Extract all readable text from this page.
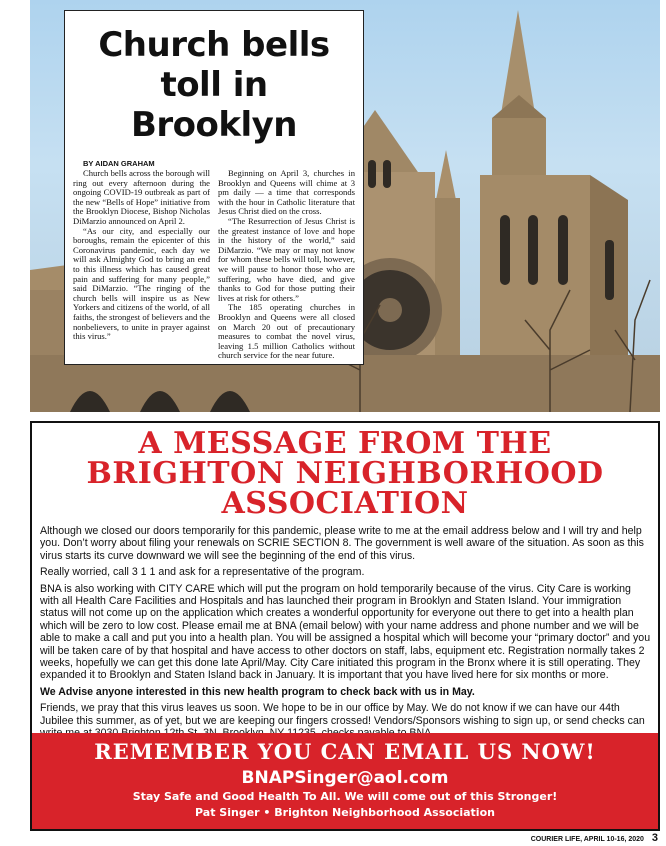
Church bells toll in Brooklyn
BY AIDAN GRAHAM

Church bells across the borough will ring out every afternoon during the ongoing COVID-19 outbreak as part of the new “Bells of Hope” initiative from the Brooklyn Diocese, Bishop Nicholas DiMarzio announced on April 2.

“As our city, and especially our boroughs, remain the epicenter of this Coronavirus pandemic, each day we will ask Almighty God to bring an end to this illness which has caused great pain and suffering for many people,” said DiMarzio. “The ringing of the church bells will inspire us as New Yorkers and citizens of the world, of all faiths, the strongest of believers and the nonbelievers, to unite in prayer against this virus.”

Beginning on April 3, churches in Brooklyn and Queens will chime at 3 pm daily — a time that corresponds with the hour in Catholic literature that Jesus Christ died on the cross.

“The Resurrection of Jesus Christ is the greatest instance of love and hope in the history of the world,” said DiMarzio. “We may or may not know for whom these bells will toll, however, we will pause to honor those who are suffering, who have died, and give thanks to God for those putting their lives at risk for others.”

The 185 operating churches in Brooklyn and Queens were all closed on March 20 out of precautionary measures to combat the novel virus, leaving 1.5 million Catholics without church service for the near future.

A MESSAGE FROM THE BRIGHTON NEIGHBORHOOD ASSOCIATION

Although we closed our doors temporarily for this pandemic, please write to me at the email address below and I will try and help you. Don’t worry about filing your renewals on SCRIE SECTION 8. The government is well aware of the situation. As soon as this virus starts its curve downward we will see the beginning of the end of this virus.

Really worried, call 3 1 1 and ask for a representative of the program.

BNA is also working with CITY CARE which will put the program on hold temporarily because of the virus. City Care is working with all Health Care Facilities and Hospitals and has launched their program in Brooklyn and Staten Island. Your immigration status will not come up on the application which creates a wonderful opportunity for everyone out there to get into a health plan which will be zero to low cost. Please email me at BNA (email below) with your name address and phone number and we will be able to make a call and put you into a health plan. You will be assigned a hospital which will become your “primary doctor” and you will be taken care of by that hospital and have access to other doctors on staff, labs, equipment etc. Registration normally takes 2 weeks, hopefully we can get this done late April/May. City Care initiated this program in the Bronx where it is still operating. They expanded it to Brooklyn and Staten Island back in January. It is important that you have lived here for six months or more.

We Advise anyone interested in this new health program to check back with us in May.

Friends, we pray that this virus leaves us soon. We hope to be in our office by May. We do not know if we can have our 44th Jubilee this summer, as of yet, but we are keeping our fingers crossed! Vendors/Sponsors wishing to sign up, or send checks can

REMEMBER YOU CAN EMAIL US NOW!
BNAPSinger@aol.com
Stay Safe and Good Health To All. We will come out of this Stronger!
Pat Singer • Brighton Neighborhood Association
COURIER LIFE, APRIL 10-16, 2020 3
